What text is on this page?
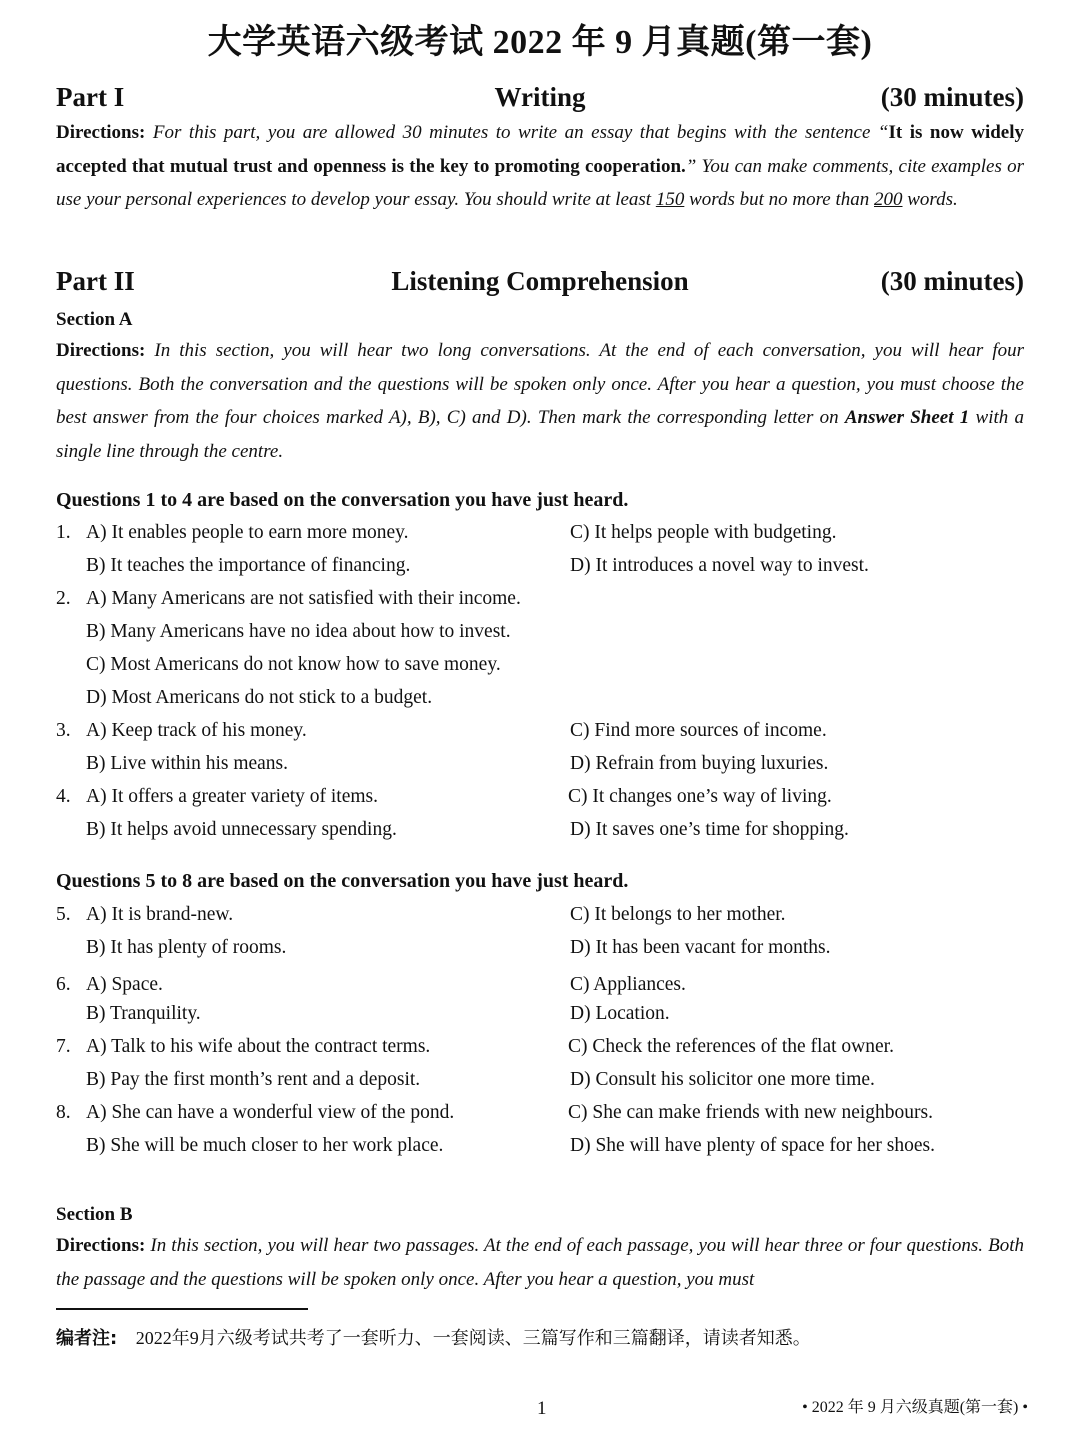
大学英语六级考试 2022 年 9 月真题(第一套)
Part I	Writing	(30 minutes)
Directions: For this part, you are allowed 30 minutes to write an essay that begins with the sentence “It is now widely accepted that mutual trust and openness is the key to promoting cooperation.” You can make comments, cite examples or use your personal experiences to develop your essay. You should write at least 150 words but no more than 200 words.
Part II	Listening Comprehension	(30 minutes)
Section A
Directions: In this section, you will hear two long conversations. At the end of each conversation, you will hear four questions. Both the conversation and the questions will be spoken only once. After you hear a question, you must choose the best answer from the four choices marked A), B), C) and D). Then mark the corresponding letter on Answer Sheet 1 with a single line through the centre.
Questions 1 to 4 are based on the conversation you have just heard.
1. A) It enables people to earn more money.	C) It helps people with budgeting.
B) It teaches the importance of financing.	D) It introduces a novel way to invest.
2. A) Many Americans are not satisfied with their income.
B) Many Americans have no idea about how to invest.
C) Most Americans do not know how to save money.
D) Most Americans do not stick to a budget.
3. A) Keep track of his money.	C) Find more sources of income.
B) Live within his means.	D) Refrain from buying luxuries.
4. A) It offers a greater variety of items.	C) It changes one’s way of living.
B) It helps avoid unnecessary spending.	D) It saves one’s time for shopping.
Questions 5 to 8 are based on the conversation you have just heard.
5. A) It is brand-new.	C) It belongs to her mother.
B) It has plenty of rooms.	D) It has been vacant for months.
6. A) Space.	C) Appliances.
B) Tranquility.	D) Location.
7. A) Talk to his wife about the contract terms.	C) Check the references of the flat owner.
B) Pay the first month’s rent and a deposit.	D) Consult his solicitor one more time.
8. A) She can have a wonderful view of the pond.	C) She can make friends with new neighbours.
B) She will be much closer to her work place.	D) She will have plenty of space for her shoes.
Section B
Directions: In this section, you will hear two passages. At the end of each passage, you will hear three or four questions. Both the passage and the questions will be spoken only once. After you hear a question, you must
编者注: 2022年9月六级考试共考了一套听力、一套阅读、三篇写作和三篇翻译，请读者知悉。
1	• 2022 年 9 月六级真题(第一套) •
